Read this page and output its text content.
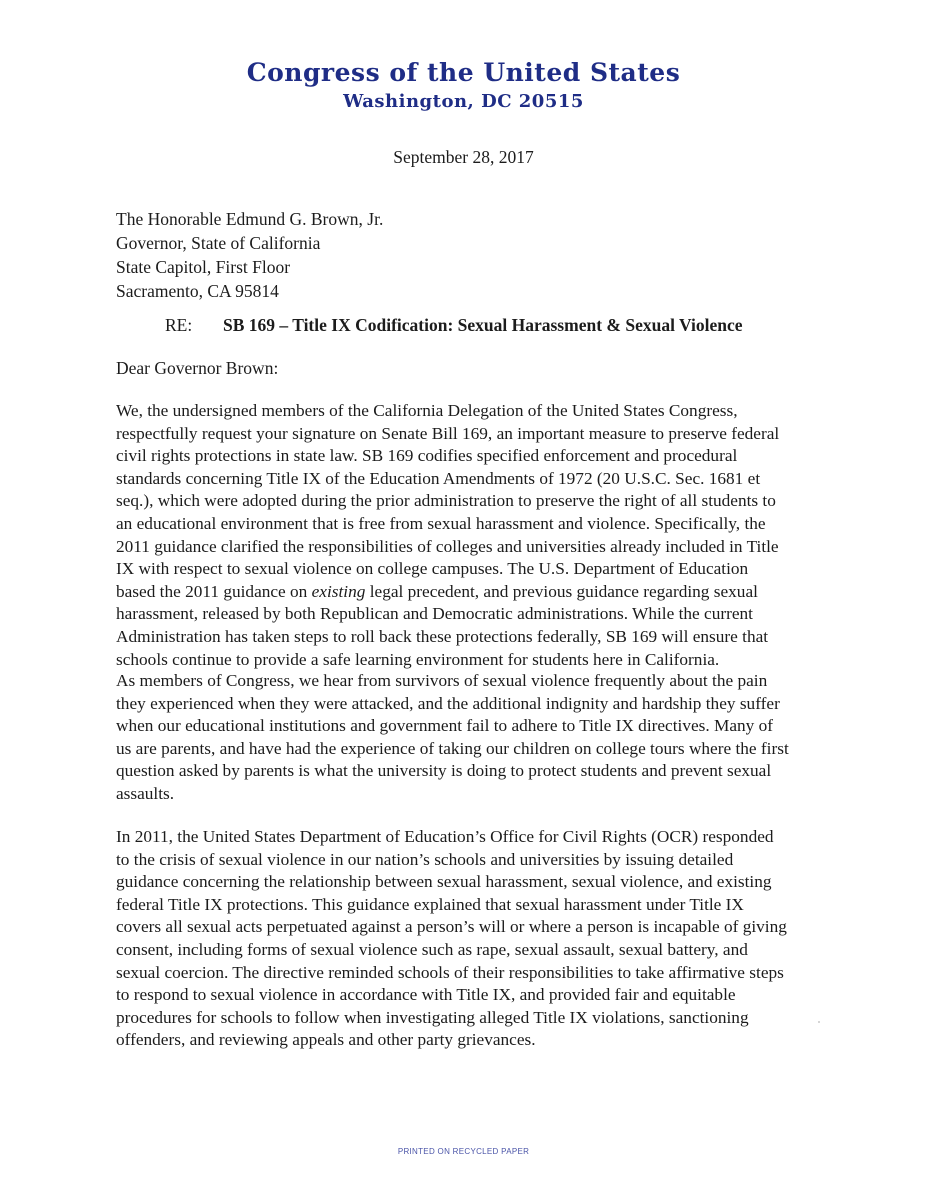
Congress of the United States
Washington, DC 20515
September 28, 2017
The Honorable Edmund G. Brown, Jr.
Governor, State of California
State Capitol, First Floor
Sacramento, CA 95814
RE: SB 169 – Title IX Codification: Sexual Harassment & Sexual Violence
Dear Governor Brown:

We, the undersigned members of the California Delegation of the United States Congress,
respectfully request your signature on Senate Bill 169, an important measure to preserve federal
civil rights protections in state law. SB 169 codifies specified enforcement and procedural
standards concerning Title IX of the Education Amendments of 1972 (20 U.S.C. Sec. 1681 et
seq.), which were adopted during the prior administration to preserve the right of all students to
an educational environment that is free from sexual harassment and violence. Specifically, the
2011 guidance clarified the responsibilities of colleges and universities already included in Title
IX with respect to sexual violence on college campuses. The U.S. Department of Education
based the 2011 guidance on existing legal precedent, and previous guidance regarding sexual
harassment, released by both Republican and Democratic administrations. While the current
Administration has taken steps to roll back these protections federally, SB 169 will ensure that
schools continue to provide a safe learning environment for students here in California.

As members of Congress, we hear from survivors of sexual violence frequently about the pain
they experienced when they were attacked, and the additional indignity and hardship they suffer
when our educational institutions and government fail to adhere to Title IX directives. Many of
us are parents, and have had the experience of taking our children on college tours where the first
question asked by parents is what the university is doing to protect students and prevent sexual
assaults.

In 2011, the United States Department of Education’s Office for Civil Rights (OCR) responded
to the crisis of sexual violence in our nation’s schools and universities by issuing detailed
guidance concerning the relationship between sexual harassment, sexual violence, and existing
federal Title IX protections. This guidance explained that sexual harassment under Title IX
covers all sexual acts perpetuated against a person’s will or where a person is incapable of giving
consent, including forms of sexual violence such as rape, sexual assault, sexual battery, and
sexual coercion. The directive reminded schools of their responsibilities to take affirmative steps
to respond to sexual violence in accordance with Title IX, and provided fair and equitable
procedures for schools to follow when investigating alleged Title IX violations, sanctioning
offenders, and reviewing appeals and other party grievances.

PRINTED ON RECYCLED PAPER
